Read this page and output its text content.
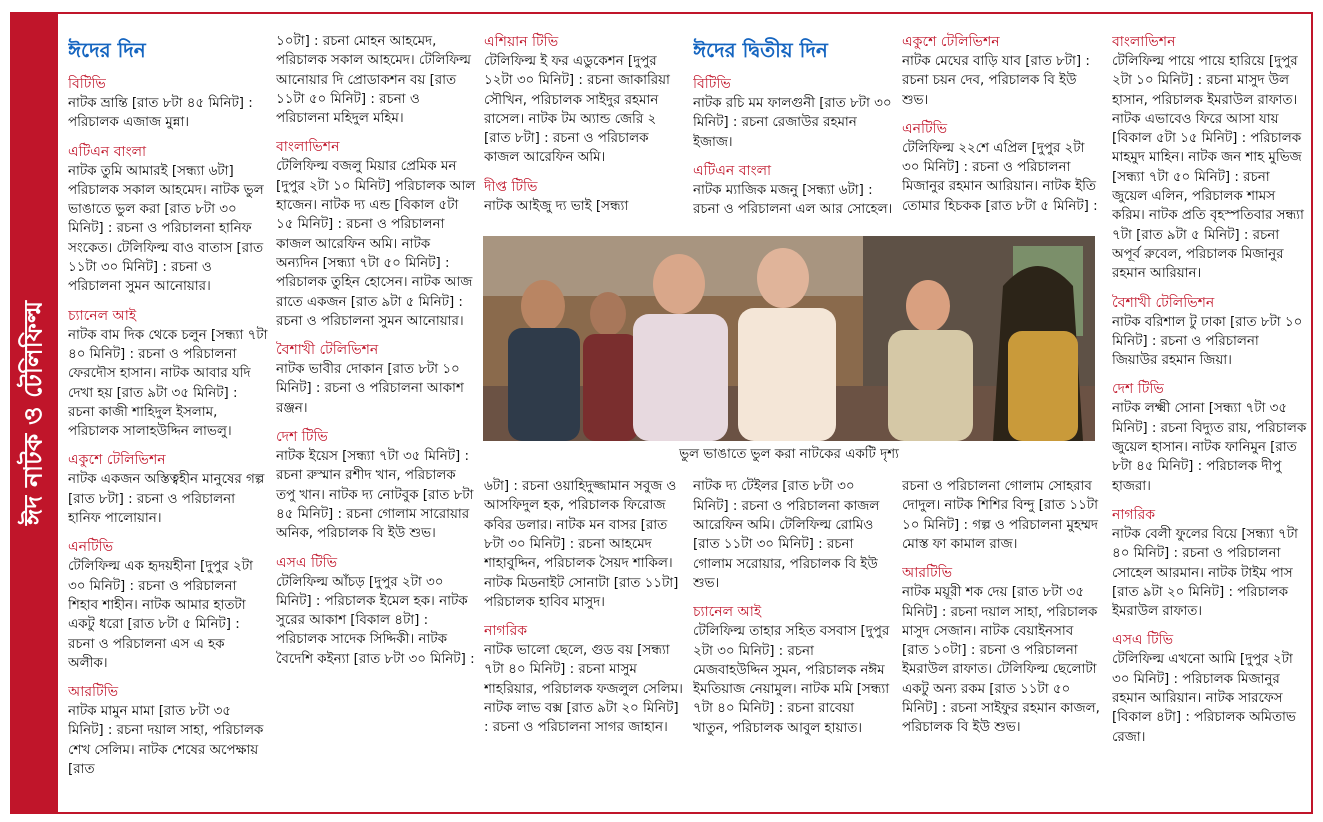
ঈদ নাটক ও টেলিফিল্ম

ঈদের দিন

বিটিভি

নাটক ভ্রান্তি [রাত ৮টা ৪৫ মিনিট] : পরিচালক এজাজ মুন্না।

এটিএন বাংলা

নাটক তুমি আমারই [সন্ধ্যা ৬টা] পরিচালক সকাল আহমেদ। নাটক ভুল ভাঙাতে ভুল করা [রাত ৮টা ৩০ মিনিট] : রচনা ও পরিচালনা হানিফ সংকেত। টেলিফিল্ম বাও বাতাস [রাত ১১টা ৩০ মিনিট] : রচনা ও পরিচালনা সুমন আনোয়ার।

চ্যানেল আই

নাটক বাম দিক থেকে চলুন [সন্ধ্যা ৭টা ৪০ মিনিট] : রচনা ও পরিচালনা ফেরদৌস হাসান। নাটক আবার যদি দেখা হয় [রাত ৯টা ৩৫ মিনিট] : রচনা কাজী শাহিদুল ইসলাম, পরিচালক সালাহউদ্দিন লাভলু।

একুশে টেলিভিশন

নাটক একজন অস্তিত্বহীন মানুষের গল্প [রাত ৮টা] : রচনা ও পরিচালনা হানিফ পালোয়ান।

এনটিভি

টেলিফিল্ম এক হৃদয়হীনা [দুপুর ২টা ৩০ মিনিট] : রচনা ও পরিচালনা শিহাব শাহীন। নাটক আমার হাতটা একটু ধরো [রাত ৮টা ৫ মিনিট] : রচনা ও পরিচালনা এস এ হক অলীক।

আরটিভি

নাটক মামুন মামা [রাত ৮টা ৩৫ মিনিট] : রচনা দয়াল সাহা, পরিচালক শেখ সেলিম। নাটক শেষের অপেক্ষায় [রাত

১০টা] : রচনা মোহন আহমেদ, পরিচালক সকাল আহমেদ। টেলিফিল্ম আনোয়ার দি প্রোডাকশন বয় [রাত ১১টা ৫০ মিনিট] : রচনা ও পরিচালনা মহিদুল মহিম।

বাংলাভিশন

টেলিফিল্ম বজলু মিয়ার প্রেমিক মন [দুপুর ২টা ১০ মিনিট] পরিচালক আল হাজেন। নাটক দ্য এন্ড [বিকাল ৫টা ১৫ মিনিট] : রচনা ও পরিচালনা কাজল আরেফিন অমি। নাটক অন্যদিন [সন্ধ্যা ৭টা ৫০ মিনিট] : পরিচালক তুহিন হোসেন। নাটক আজ রাতে একজন [রাত ৯টা ৫ মিনিট] : রচনা ও পরিচালনা সুমন আনোয়ার।

বৈশাখী টেলিভিশন

নাটক ভাবীর দোকান [রাত ৮টা ১০ মিনিট] : রচনা ও পরিচালনা আকাশ রঞ্জন।

দেশ টিভি

নাটক ইয়েস [সন্ধ্যা ৭টা ৩৫ মিনিট] : রচনা রুস্মান রশীদ খান, পরিচালক তপু খান। নাটক দ্য নোটবুক [রাত ৮টা ৪৫ মিনিট] : রচনা গোলাম সারোয়ার অনিক, পরিচালক বি ইউ শুভ।

এসএ টিভি

টেলিফিল্ম আঁচড় [দুপুর ২টা ৩০ মিনিট] : পরিচালক ইমেল হক। নাটক সুরের আকাশ [বিকাল ৪টা] : পরিচালক সাদেক সিদ্দিকী। নাটক বৈদেশি কইন্যা [রাত ৮টা ৩০ মিনিট] :

এশিয়ান টিভি

টেলিফিল্ম ই ফর এডুকেশন [দুপুর ১২টা ৩০ মিনিট] : রচনা জাকারিয়া সৌখিন, পরিচালক সাইদুর রহমান রাসেল। নাটক টম অ্যান্ড জেরি ২ [রাত ৮টা] : রচনা ও পরিচালক কাজল আরেফিন অমি।

দীপ্ত টিভি

নাটক আইজু দ্য ভাই [সন্ধ্যা

৬টা] : রচনা ওয়াহিদুজ্জামান সবুজ ও আসফিদুল হক, পরিচালক ফিরোজ কবির ডলার। নাটক মন বাসর [রাত ৮টা ৩০ মিনিট] : রচনা আহমেদ শাহাবুদ্দিন, পরিচালক সৈয়দ শাকিল। নাটক মিডনাইট সোনাটা [রাত ১১টা] পরিচালক হাবিব মাসুদ।

নাগরিক

নাটক ভালো ছেলে, গুড বয় [সন্ধ্যা ৭টা ৪০ মিনিট] : রচনা মাসুম শাহরিয়ার, পরিচালক ফজলুল সেলিম। নাটক লাভ বক্স [রাত ৯টা ২০ মিনিট] : রচনা ও পরিচালনা সাগর জাহান।

ঈদের দ্বিতীয় দিন

বিটিভি

নাটক রচি মম ফালগুনী [রাত ৮টা ৩০ মিনিট] : রচনা রেজাউর রহমান ইজাজ।

এটিএন বাংলা

নাটক ম্যাজিক মজনু [সন্ধ্যা ৬টা] : রচনা ও পরিচালনা এল আর সোহেল।

নাটক দ্য টেইলর [রাত ৮টা ৩০ মিনিট] : রচনা ও পরিচালনা কাজল আরেফিন অমি। টেলিফিল্ম রোমিও [রাত ১১টা ৩০ মিনিট] : রচনা গোলাম সরোয়ার, পরিচালক বি ইউ শুভ।

চ্যানেল আই

টেলিফিল্ম তাহার সহিত বসবাস [দুপুর ২টা ৩০ মিনিট] : রচনা মেজবাহউদ্দিন সুমন, পরিচালক নঈম ইমতিয়াজ নেয়ামুল। নাটক মমি [সন্ধ্যা ৭টা ৪০ মিনিট] : রচনা রাবেয়া খাতুন, পরিচালক আবুল হায়াত।

একুশে টেলিভিশন

নাটক মেঘের বাড়ি যাব [রাত ৮টা] : রচনা চয়ন দেব, পরিচালক বি ইউ শুভ।

এনটিভি

টেলিফিল্ম ২২শে এপ্রিল [দুপুর ২টা ৩০ মিনিট] : রচনা ও পরিচালনা মিজানুর রহমান আরিয়ান। নাটক ইতি তোমার হিচকক [রাত ৮টা ৫ মিনিট] :

রচনা ও পরিচালনা গোলাম সোহরাব দোদুল। নাটক শিশির বিন্দু [রাত ১১টা ১০ মিনিট] : গল্প ও পরিচালনা মুহম্মদ মোস্ত ফা কামাল রাজ।

আরটিভি

নাটক ময়ূরী শক দেয় [রাত ৮টা ৩৫ মিনিট] : রচনা দয়াল সাহা, পরিচালক মাসুদ সেজান। নাটক বেয়াইনসাব [রাত ১০টা] : রচনা ও পরিচালনা ইমরাউল রাফাত। টেলিফিল্ম ছেলোটা একটু অন্য রকম [রাত ১১টা ৫০ মিনিট] : রচনা সাইফুর রহমান কাজল, পরিচালক বি ইউ শুভ।

বাংলাভিশন

টেলিফিল্ম পায়ে পায়ে হারিয়ে [দুপুর ২টা ১০ মিনিট] : রচনা মাসুদ উল হাসান, পরিচালক ইমরাউল রাফাত। নাটক এভাবেও ফিরে আসা যায় [বিকাল ৫টা ১৫ মিনিট] : পরিচালক মাহমুদ মাহিন। নাটক জন শাহ মুভিজ [সন্ধ্যা ৭টা ৫০ মিনিট] : রচনা জুয়েল এলিন, পরিচালক শামস করিম। নাটক প্রতি বৃহস্পতিবার সন্ধ্যা ৭টা [রাত ৯টা ৫ মিনিট] : রচনা অপূর্ব রুবেল, পরিচালক মিজানুর রহমান আরিয়ান।

বৈশাখী টেলিভিশন

নাটক বরিশাল টু ঢাকা [রাত ৮টা ১০ মিনিট] : রচনা ও পরিচালনা জিয়াউর রহমান জিয়া।

দেশ টিভি

নাটক লক্ষ্মী সোনা [সন্ধ্যা ৭টা ৩৫ মিনিট] : রচনা বিদ্যুত রায়, পরিচালক জুয়েল হাসান। নাটক ফানিমুন [রাত ৮টা ৪৫ মিনিট] : পরিচালক দীপু হাজরা।

নাগরিক

নাটক বেলী ফুলের বিয়ে [সন্ধ্যা ৭টা ৪০ মিনিট] : রচনা ও পরিচালনা সোহেল আরমান। নাটক টাইম পাস [রাত ৯টা ২০ মিনিট] : পরিচালক ইমরাউল রাফাত।

এসএ টিভি

টেলিফিল্ম এখনো আমি [দুপুর ২টা ৩০ মিনিট] : পরিচালক মিজানুর রহমান আরিয়ান। নাটক সারফেস [বিকাল ৪টা] : পরিচালক অমিতাভ রেজা।

ভুল ভাঙাতে ভুল করা নাটকের একটি দৃশ্য
